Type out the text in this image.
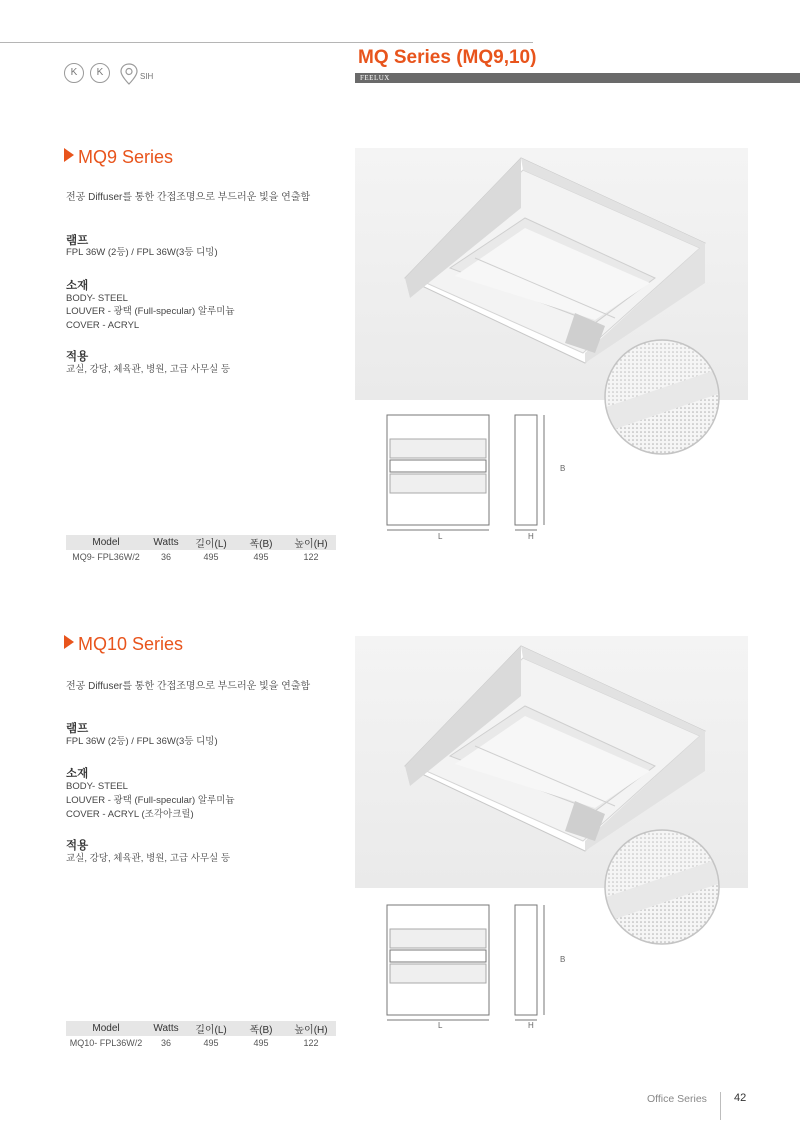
MQ Series (MQ9,10)
FEELUX
K	K	SIH
MQ9 Series
전공 Diffuser를 통한 간접조명으로 부드러운 빛을 연출함
램프
FPL 36W (2등) / FPL 36W(3등 디밍)
소재
BODY- STEEL
LOUVER - 광택 (Full-specular) 알루미늄
COVER - ACRYL
적용
교실, 강당, 체육관, 병원, 고급 사무실 등
L	H
B
Model	Watts	길이(L)	폭(B)	높이(H)
MQ9- FPL36W/2	36	495	495	122
MQ10 Series
전공 Diffuser를 통한 간접조명으로 부드러운 빛을 연출함
램프
FPL 36W (2등) / FPL 36W(3등 디밍)
소재
BODY- STEEL
LOUVER - 광택 (Full-specular) 알루미늄
COVER - ACRYL (조각아크릴)
적용
교실, 강당, 체육관, 병원, 고급 사무실 등
L	H
B
Model	Watts	길이(L)	폭(B)	높이(H)
MQ10- FPL36W/2	36	495	495	122
Office Series 42
